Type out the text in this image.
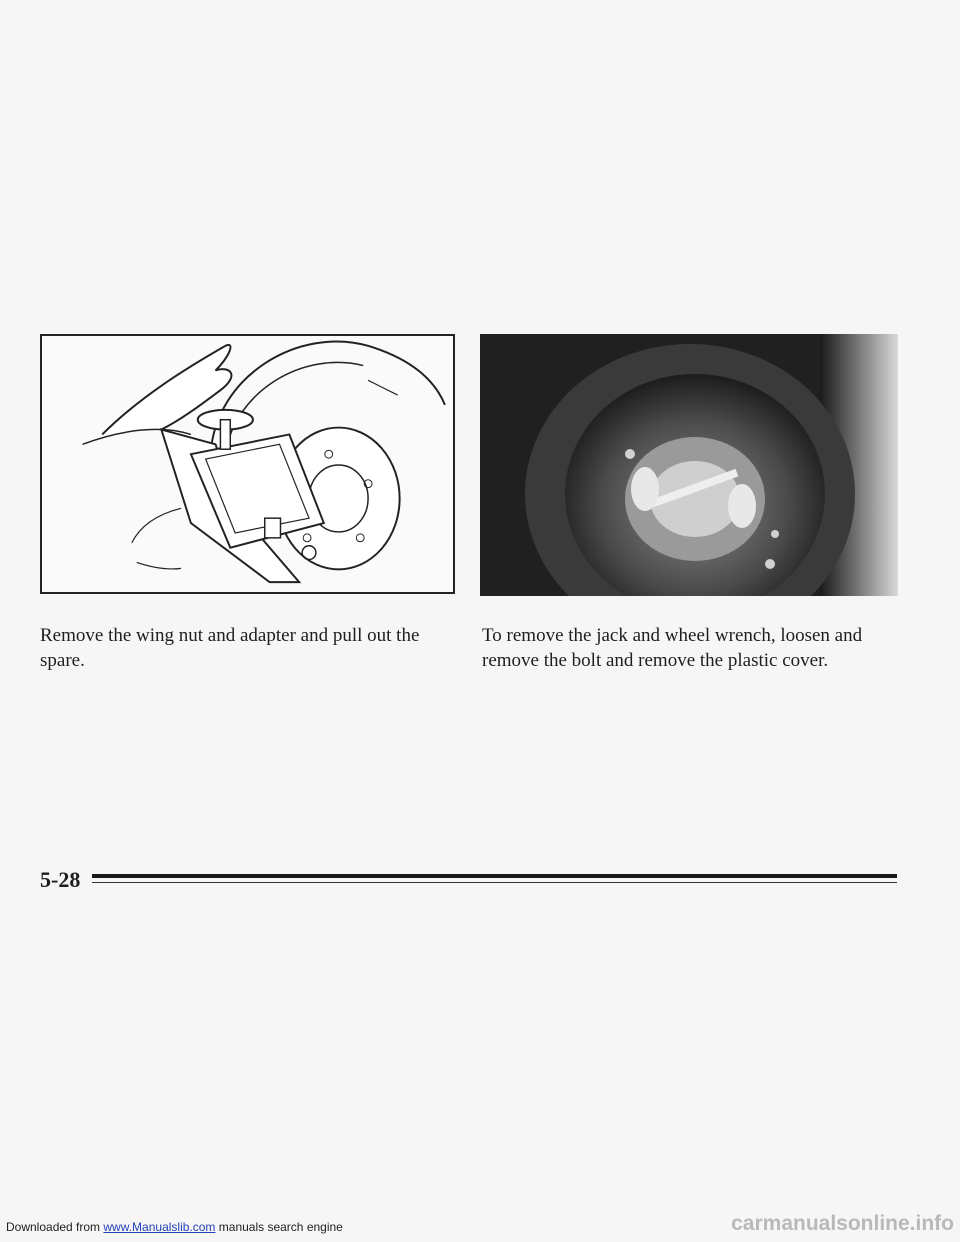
Remove the wing nut and adapter and pull out the spare.

To remove the jack and wheel wrench, loosen and remove the bolt and remove the plastic cover.

5-28
Downloaded from www.Manualslib.com manuals search engine	carmanualsonline.info
